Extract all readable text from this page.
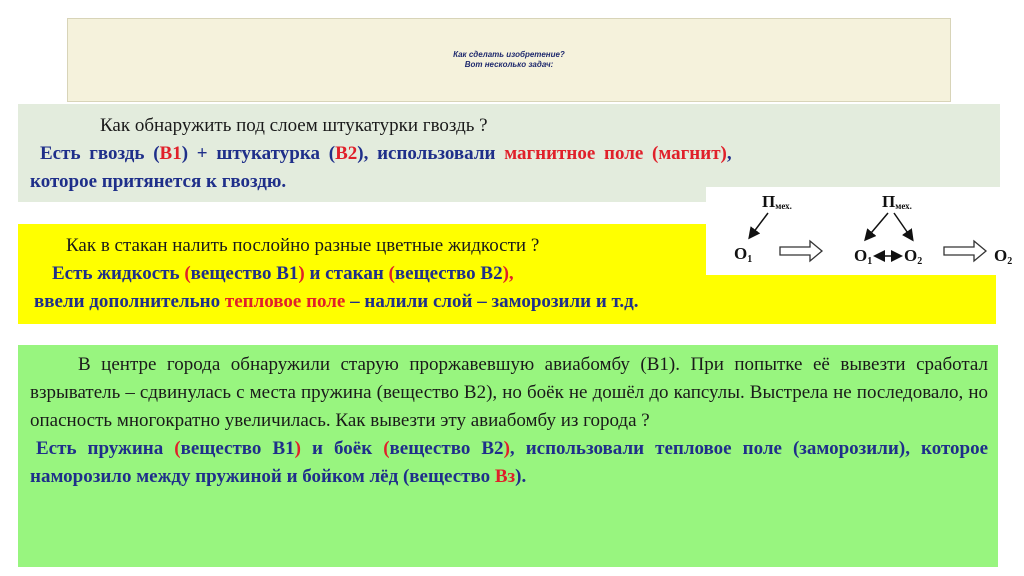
Как сделать изобретение?
Вот несколько задач:
Как обнаружить под слоем штукатурки гвоздь ?
Есть гвоздь (В1) + штукатурка (В2), использовали магнитное поле (магнит),
которое притянется к гвоздю.
Как в стакан налить послойно разные цветные жидкости ?
Есть жидкость (вещество В1) и стакан (вещество В2),
ввели дополнительно тепловое поле – налили слой – заморозили и т.д.
Пмех.
O1
Пмех.
O1 O2	O2
В центре города обнаружили старую проржавевшую авиабомбу (В1). При попытке её вывезти сработал взрыватель – сдвинулась с места пружина (вещество В2), но боёк не дошёл до капсулы. Выстрела не последовало, но опасность многократно увеличилась. Как вывезти эту авиабомбу из города ?
Есть пружина (вещество В1) и боёк (вещество В2), использовали тепловое поле (заморозили), которое наморозило между пружиной и бойком лёд (вещество Вз).
